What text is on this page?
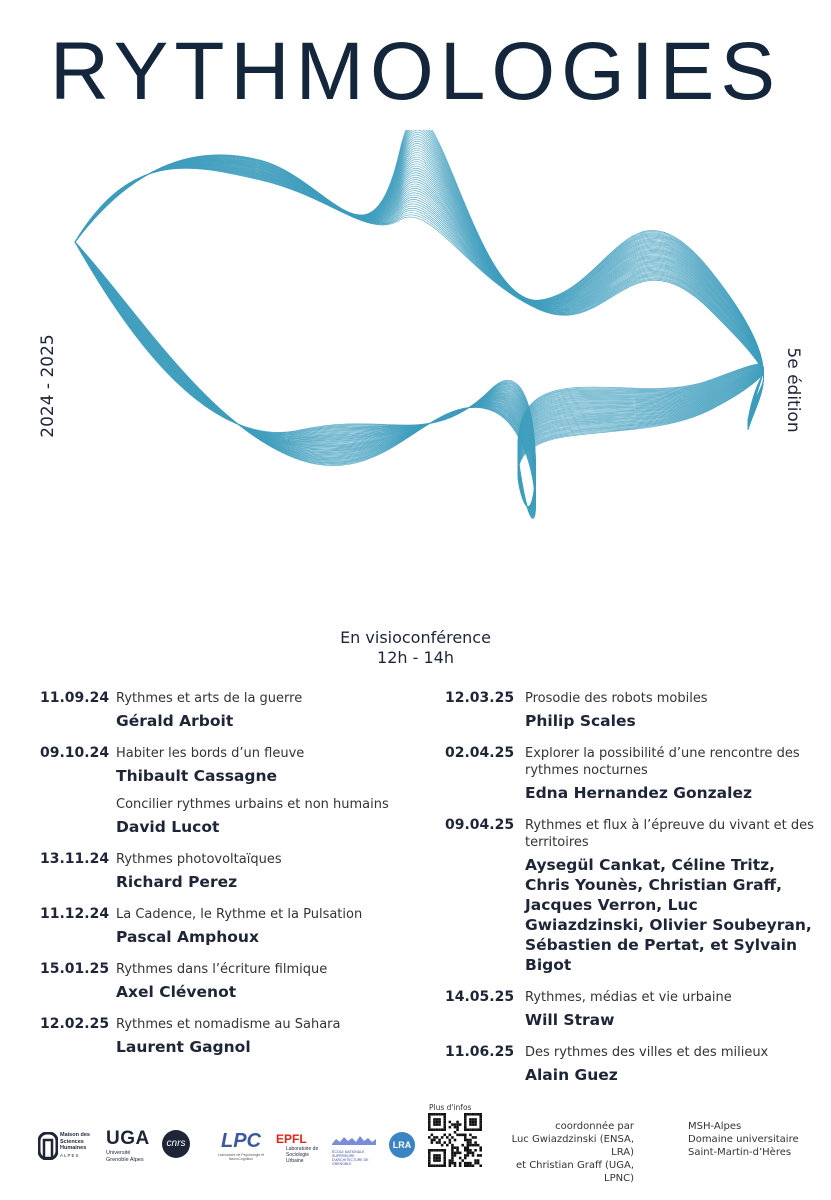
RYTHMOLOGIES
2024 - 2025	5e édition
En visioconférence
12h - 14h
11.09.24 Rythmes et arts de la guerre
Gérald Arboit
09.10.24 Habiter les bords d’un fleuve
Thibault Cassagne
Concilier rythmes urbains et non humains
David Lucot
13.11.24 Rythmes photovoltaïques
Richard Perez
11.12.24 La Cadence, le Rythme et la Pulsation
Pascal Amphoux
15.01.25 Rythmes dans l’écriture filmique
Axel Clévenot
12.02.25 Rythmes et nomadisme au Sahara
Laurent Gagnol
12.03.25 Prosodie des robots mobiles
Philip Scales
02.04.25 Explorer la possibilité d’une rencontre des rythmes nocturnes
Edna Hernandez Gonzalez
09.04.25 Rythmes et flux à l’épreuve du vivant et des territoires
Aysegül Cankat, Céline Tritz, Chris Younès, Christian Graff, Jacques Verron, Luc Gwiazdzinski, Olivier Soubeyran, Sébastien de Pertat, et Sylvain Bigot
14.05.25 Rythmes, médias et vie urbaine
Will Straw
11.06.25 Des rythmes des villes et des milieux
Alain Guez
Maison des Sciences Humaines
ALPES
UGA
Université Grenoble Alpes
cnrs	LPC
Laboratoire de Psychologie et NeuroCognition
EPFL
Laboratoire de Sociologie Urbaine
ÉCOLE NATIONALE SUPÉRIEURE D'ARCHITECTURE DE GRENOBLE
LRA
Plus d'infos
coordonnée par
Luc Gwiazdzinski (ENSA, LRA)
et Christian Graff (UGA, LPNC)
MSH-Alpes
Domaine universitaire
Saint-Martin-d’Hères
